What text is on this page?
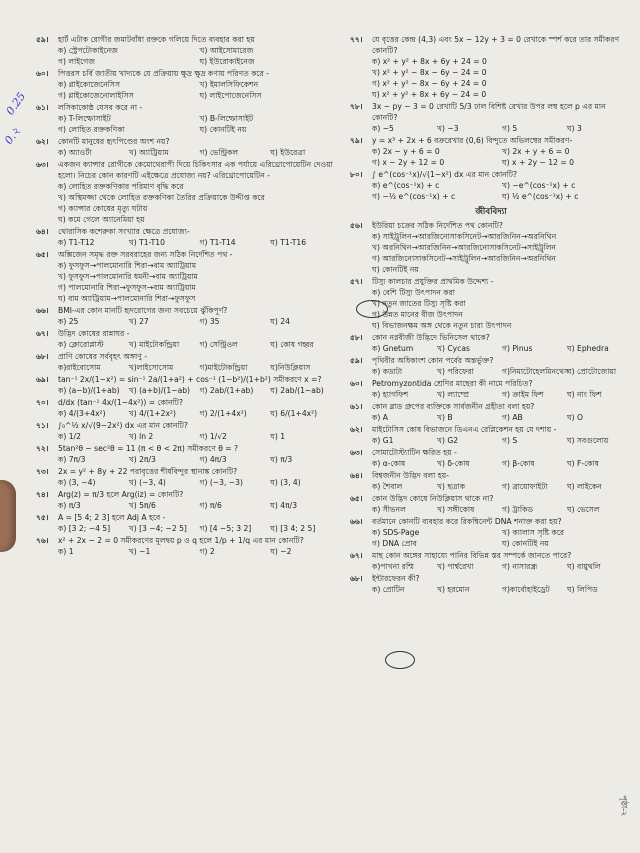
৫৯।	হার্ট এটাক রোগীর জমাটবাঁধা রক্তকে গলিয়ে দিতে ব্যবহার করা হয়
ক) স্ট্রেপটোকাইনেজ	খ) আইসোমারেজ
গ) লাইগেজ	ঘ) ইউরোকাইনেজ
৬০।	পিত্তরস চর্বি জাতীয় খাদ্যকে যে প্রক্রিয়ায় ক্ষুদ্র ক্ষুদ্র কণায় পরিণত করে -
ক) গ্লাইকোজেনেসিস	খ) ইমালসিফিকেশন
গ) গ্লাইকোজেনোলাইসিস	ঘ) লাইপোজেনেসিস
৬১।	লসিকাকোষ্ঠ যেসব করে না -
ক) T-লিম্ফোসাইট	খ) B-লিম্ফোসাইট
গ) লোহিত রক্তকণিকা	ঘ) কোনটিই নয়
৬২।	কোনটি মানুষের হৃৎপিণ্ডের অংশ নয়?
ক) অ্যাওর্টা	খ) অ্যাট্রিয়াম	গ) ভেন্ট্রিকল	ঘ) ইউরেত্রা
৬৩।	একজন ক্যান্সার রোগীকে কেমোথেরাপী দিয়ে চিকিৎসার এক পর্যায়ে এরিথ্রোপোয়েটিন দেওয়া হলো। নিচের কোন কারণটি এইক্ষেত্রে প্রযোজ্য নয়? এরিথ্রোপোয়েটিন -
ক) লোহিত রক্তকণিকার পরিমাণ বৃদ্ধি করে
খ) অস্থিমজ্জা থেকে লোহিত রক্তকণিকা তৈরির প্রক্রিয়াকে উদ্দীপ্ত করে
গ) ক্যান্সার কোষের মৃত্যু ঘটায়
ঘ) কমে গেলে অ্যানেমিয়া হয়
৬৪।	থোরাসিক কশেরুকা সংখ্যার ক্ষেত্রে প্রযোজ্য-
ক) T1-T12	খ) T1-T10	গ) T1-T14	ঘ) T1-T16
৬৫।	অক্সিজেন সমৃদ্ধ রক্ত সরবরাহের জন্য সঠিক নির্দেশিত পথ -
ক) ফুসফুস→পালমোনারি শিরা→বাম অ্যাট্রিয়াম
খ) ফুসফুস→পালমোনারি ধমনী→বাম অ্যাট্রিয়াম
গ) পালমোনারি শিরা→ফুসফুস→বাম অ্যাট্রিয়াম
ঘ) বাম অ্যাট্রিয়াম→পালমোনারি শিরা→ফুসফুস
৬৬।	BMI-এর কোন মানটি হৃদরোগের জন্য সবচেয়ে ঝুঁকিপূর্ণ?
ক) 25	খ) 27	গ) 35	ঘ) 24
৬৭।	উদ্ভিদ কোষের রান্নাঘর -
ক) ক্লোরোপ্লাস্ট	খ) মাইটোকন্ড্রিয়া	গ) সেন্ট্রিওল	ঘ) কোষ গহ্বর
৬৮।	প্রাণি কোষের সর্ববৃহৎ অঙ্গাণু -
ক)রাইবোসোম	খ)লাইসোসোম	গ)মাইটোকন্ড্রিয়া	ঘ)নিউক্লিয়াস
৬৯।	tan⁻¹ 2x/(1−x²) = sin⁻¹ 2a/(1+a²) + cos⁻¹ (1−b²)/(1+b²) সমীকরণে x =?
ক) (a−b)/(1+ab)	খ) (a+b)/(1−ab)	গ) 2ab/(1+ab)	ঘ) 2ab/(1−ab)
৭০।	d/dx (tan⁻¹ 4x/(1−4x²)) = কোনটি?
ক) 4/(3+4x²)	খ) 4/(1+2x²)	গ) 2/(1+4x²)	ঘ) 6/(1+4x²)
৭১।	∫₀^½ x/√(9−2x²) dx এর মান কোনটি?
ক) 1/2	খ) ln 2	গ) 1/√2	ঘ) 1
৭২।	5tan²θ − sec²θ = 11 (π < θ < 2π) সমীকরণে θ = ?
ক) 7π/3	খ) 2π/3	গ) 4π/3	ঘ) π/3
৭৩।	2x = y² + 8y + 22 পরাবৃত্তের শীর্ষবিন্দুর স্থানাঙ্ক কোনটি?
ক) (3, −4)	খ) (−3, 4)	গ) (−3, −3)	ঘ) (3, 4)
৭৪।	Arg(z) = π/3 হলে Arg(iz) = কোনটি?
ক) π/3	খ) 5π/6	গ) π/6	ঘ) 4π/3
৭৫।	A = [5 4; 2 3] হলে Adj A হবে -
ক) [3 2; −4 5]	খ) [3 −4; −2 5]	গ) [4 −5; 3 2]	ঘ) [3 4; 2 5]
৭৬।	x² + 2x − 2 = 0 সমীকরণের মূলদ্বয় p ও q হলে 1/p + 1/q এর মান কোনটি?
ক) 1	খ) −1	গ) 2	ঘ) −2
৭৭।	যে বৃত্তের কেন্দ্র (4,3) এবং 5x − 12y + 3 = 0 রেখাকে স্পর্শ করে তার সমীকরণ কোনটি?
ক) x² + y² + 8x + 6y + 24 = 0
খ) x² + y² − 8x − 6y − 24 = 0
গ) x² + y² − 8x − 6y + 24 = 0
ঘ) x² + y² + 8x + 6y − 24 = 0
৭৮।	3x − py − 3 = 0 রেখাটি 5/3 ঢাল বিশিষ্ট রেখার উপর লম্ব হলে p এর মান কোনটি?
ক) −5	খ) −3	গ) 5	ঘ) 3
৭৯।	y = x³ + 2x + 6 বক্ররেখার (0,6) বিন্দুতে অভিলম্বের সমীকরণ-
ক) 2x − y + 6 = 0	খ) 2x + y + 6 = 0
গ) x − 2y + 12 = 0	ঘ) x + 2y − 12 = 0
৮০।	∫ e^(cos⁻¹x)/√(1−x²) dx এর মান কোনটি?
ক) e^(cos⁻¹x) + c	খ) −e^(cos⁻¹x) + c
গ) −½ e^(cos⁻¹x) + c	ঘ) ½ e^(cos⁻¹x) + c
জীববিদ্যা
৫৬।	ইউরিয়া চক্রের সঠিক নির্দেশিত পথ কোনটি?
ক) সাইট্রুলিন→আরজিনোসাকসিনেট→আরজিনিন→অরনিথিন
খ) অরনিথিন→আরজিনিন→আরজিনোসাকসিনেট→সাইট্রুলিন
গ) আরজিনোসাকসিনেট→সাইট্রুলিন→আরজিনিন→অরনিথিন
ঘ) কোনটিই নয়
৫৭।	টিস্যু কালচার প্রযুক্তির প্রাথমিক উদ্দেশ্য -
ক) বেশি টিস্যু উৎপাদন করা
খ) নতুন জাতের টিস্যু সৃষ্টি করা
গ) উন্নত মানের বীজ উৎপাদন
ঘ) বিভাজনক্ষম অঙ্গ থেকে নতুন চারা উৎপাদন
৫৮।	কোন নগ্নবীজী উদ্ভিদে ভিনিসেল থাকে?
ক) Gnetum	খ) Cycas	গ) Pinus	ঘ) Ephedra
৫৯।	পৃথিবীর অধিকাংশ কোন পর্বের অন্তর্ভুক্ত?
ক) কডাটা	খ) পরিফেরা	গ)নিমাটোহেলমিনথেস
ঘ) প্রোটোজোয়া
৬০।	Petromyzontida শ্রেণির মাছেরা কী নামে পরিচিত?
ক) হ্যাগফিশ	খ) ল্যাম্প্রে	গ) ক্রাইম ফিশ	ঘ) নাং ফিশ
৬১।	কোন ব্লাড গ্রুপের ব্যক্তিকে সার্বজনীন গ্রহীতা বলা হয়?
ক) A	খ) B	গ) AB	ঘ) O
৬২।	মাইটোসিস কোষ বিভাজনে ডিএনএ রেপ্লিকেশন হয় যে দশায় -
ক) G1	খ) G2	গ) S	ঘ) সবগুলোয়
৬৩।	সোমাটোস্ট্যাটিন ক্ষরিত হয় -
ক) α-কোষ	খ) δ-কোষ	গ) β-কোষ	ঘ) F-কোষ
৬৪।	বিশ্বজনীন উদ্ভিদ বলা হয়-
ক) শৈবাল	খ) ছত্রাক	গ) ব্রায়োফাইটা	ঘ) লাইকেন
৬৫।	কোন উদ্ভিদ কোষে নিউক্লিয়াস থাকে না?
ক) সীভনল	খ) সঙ্গীকোষ	গ) ট্রাকিড	ঘ) ভেসেল
৬৬।	বর্তমানে কোনটি ব্যবহার করে রিকম্বিনেন্ট DNA শনাক্ত করা হয়?
ক) SDS-Page	খ) ক্যালাস সৃষ্টি করে
গ) DNA প্রোব	ঘ) কোনটিই নয়
৬৭।	মাছ কোন অঙ্গের সাহায্যে পানির বিভিন্ন স্তর সম্পর্কে জানতে পারে?
ক)পাখনা রশ্মি	খ) পার্শ্বরেখা	গ) নাসারন্ধ্র	ঘ) বায়ুথলি
৬৮।	ইন্টারফেরন কী?
ক) প্রোটিন	খ) হরমোন	গ)কার্বোহাইড্রেট	ঘ) লিপিড
0.25
0.২
পৃষ্ঠা-২
